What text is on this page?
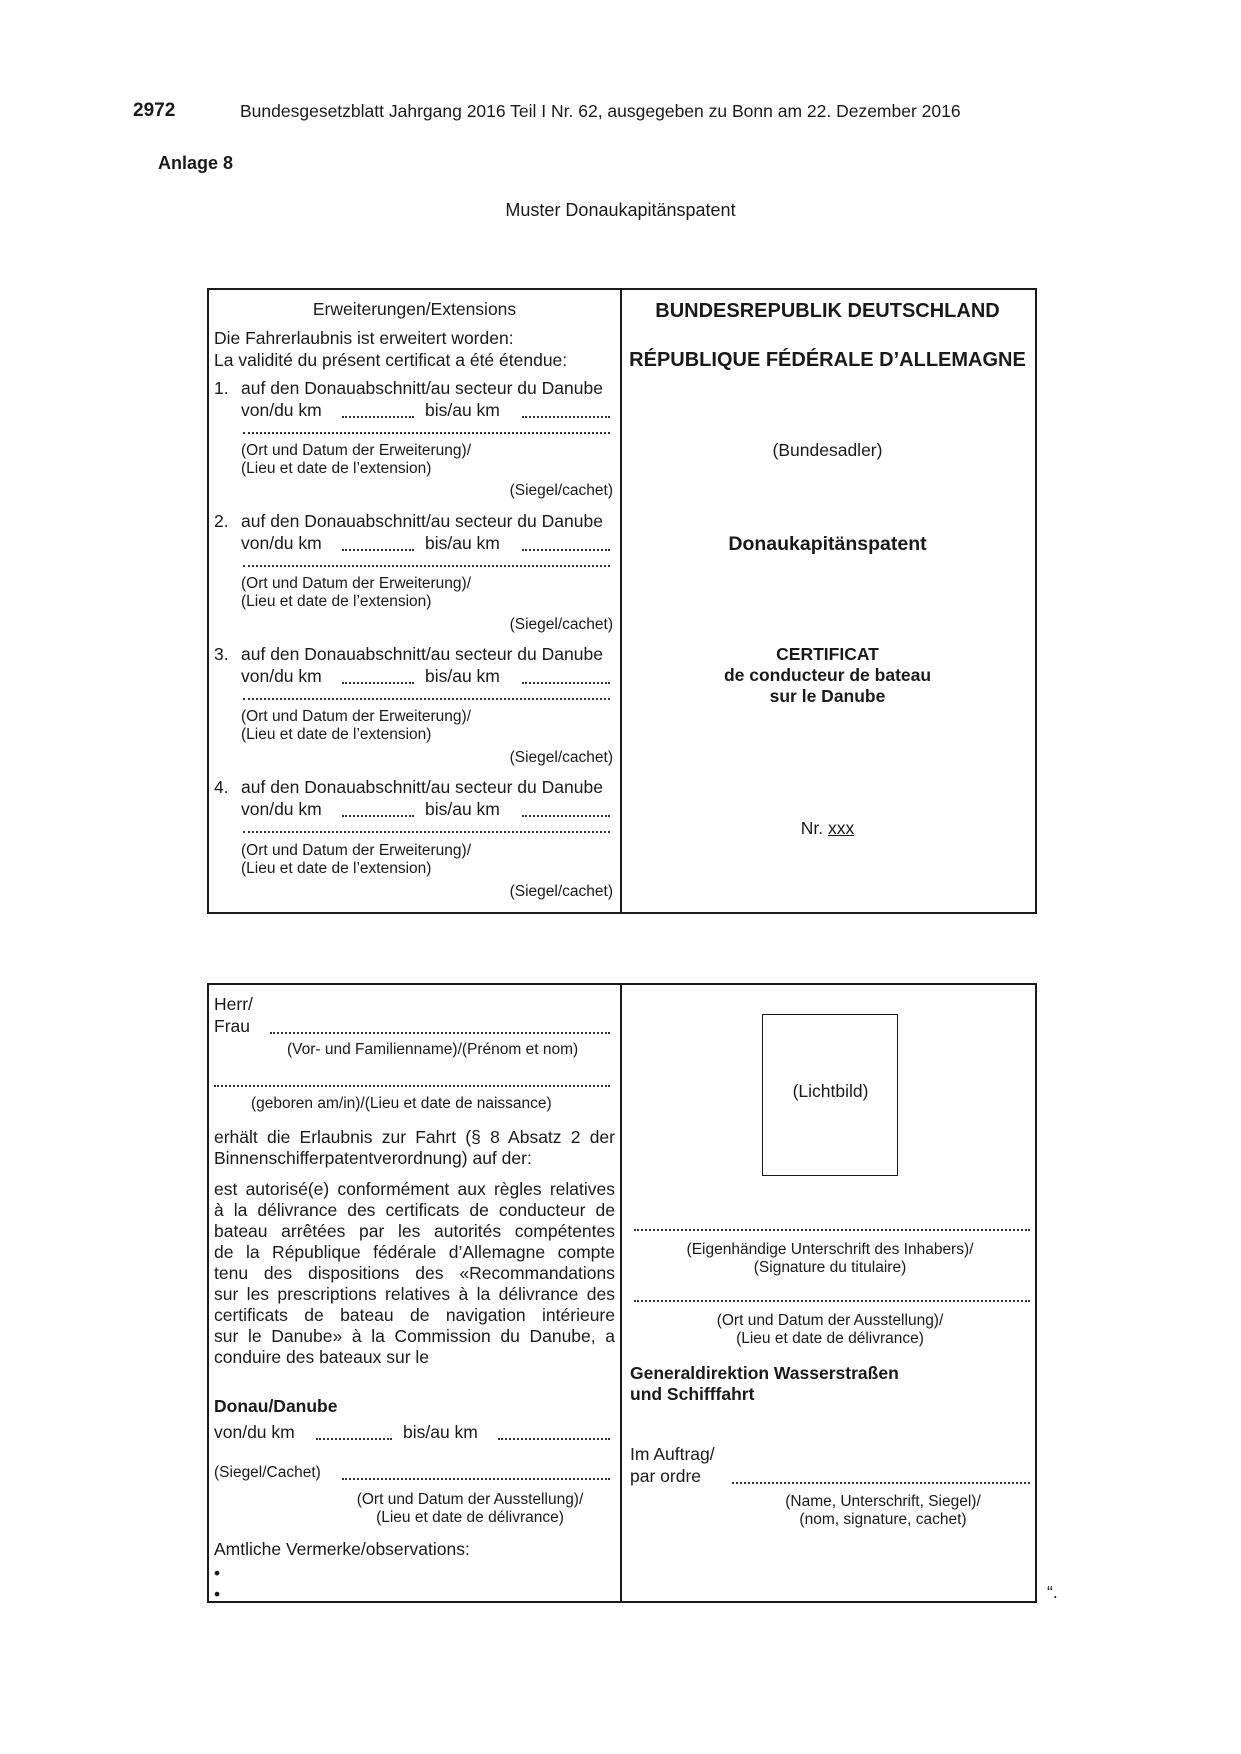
2972	Bundesgesetzblatt Jahrgang 2016 Teil I Nr. 62, ausgegeben zu Bonn am 22. Dezember 2016
Anlage 8
Muster Donaukapitänspatent
Erweiterungen/Extensions
Die Fahrerlaubnis ist erweitert worden:
La validité du présent certificat a été étendue:
1. auf den Donauabschnitt/au secteur du Danube
von/du km	bis/au km
(Ort und Datum der Erweiterung)/
(Lieu et date de l’extension)
(Siegel/cachet)
2. auf den Donauabschnitt/au secteur du Danube
von/du km	bis/au km
(Ort und Datum der Erweiterung)/
(Lieu et date de l’extension)
(Siegel/cachet)
3. auf den Donauabschnitt/au secteur du Danube
von/du km	bis/au km
(Ort und Datum der Erweiterung)/
(Lieu et date de l’extension)
(Siegel/cachet)
4. auf den Donauabschnitt/au secteur du Danube
von/du km	bis/au km
(Ort und Datum der Erweiterung)/
(Lieu et date de l’extension)
(Siegel/cachet)
BUNDESREPUBLIK DEUTSCHLAND
RÉPUBLIQUE FÉDÉRALE D’ALLEMAGNE
(Bundesadler)
Donaukapitänspatent
CERTIFICAT
de conducteur de bateau
sur le Danube
Nr. xxx
Herr/
Frau
(Vor- und Familienname)/(Prénom et nom)
(geboren am/in)/(Lieu et date de naissance)
erhält die Erlaubnis zur Fahrt (§ 8 Absatz 2 der Binnenschifferpatentverordnung) auf der:
est autorisé(e) conformément aux règles relatives
à la délivrance des certificats de conducteur de
bateau arrêtées par les autorités compétentes
de la République fédérale d’Allemagne compte
tenu des dispositions des «Recommandations
sur les prescriptions relatives à la délivrance des
certificats de bateau de navigation intérieure
sur le Danube» à la Commission du Danube, a
conduire des bateaux sur le
Donau/Danube
von/du km	bis/au km
(Siegel/Cachet)
(Ort und Datum der Ausstellung)/
(Lieu et date de délivrance)
Amtliche Vermerke/observations:
•
•
(Lichtbild)
(Eigenhändige Unterschrift des Inhabers)/
(Signature du titulaire)
(Ort und Datum der Ausstellung)/
(Lieu et date de délivrance)
Generaldirektion Wasserstraßen
und Schifffahrt
Im Auftrag/
par ordre
(Name, Unterschrift, Siegel)/
(nom, signature, cachet)
“.
